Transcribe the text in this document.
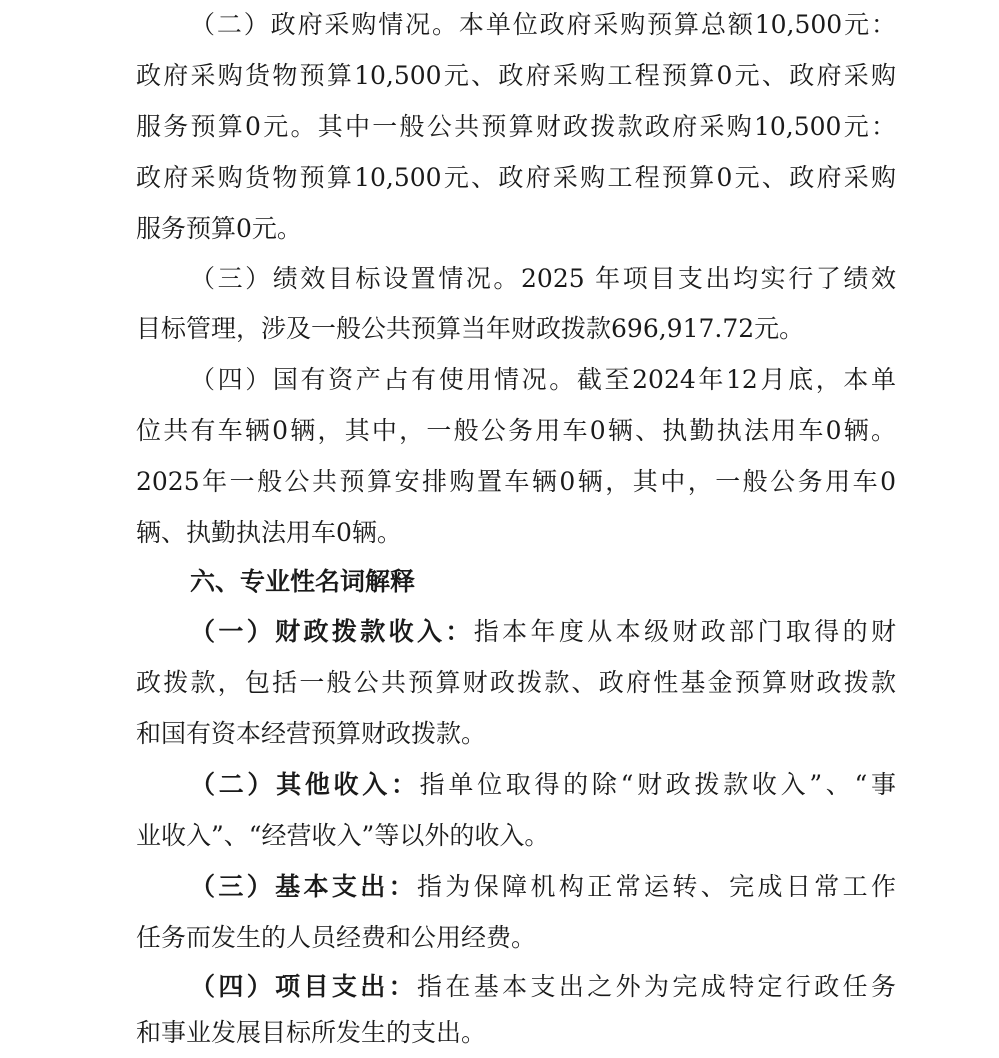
（二）政府采购情况。本单位政府采购预算总额10,500元：
政府采购货物预算10,500元、政府采购工程预算0元、政府采购
服务预算0元。其中一般公共预算财政拨款政府采购10,500元：
政府采购货物预算10,500元、政府采购工程预算0元、政府采购
服务预算0元。
（三）绩效目标设置情况。2025 年项目支出均实行了绩效
目标管理，涉及一般公共预算当年财政拨款696,917.72元。
（四）国有资产占有使用情况。截至2024年12月底，本单
位共有车辆0辆，其中，一般公务用车0辆、执勤执法用车0辆。
2025年一般公共预算安排购置车辆0辆，其中，一般公务用车0
辆、执勤执法用车0辆。
六、专业性名词解释
（一）财政拨款收入：指本年度从本级财政部门取得的财
政拨款，包括一般公共预算财政拨款、政府性基金预算财政拨款
和国有资本经营预算财政拨款。
（二）其他收入：指单位取得的除“财政拨款收入”、“事
业收入”、“经营收入”等以外的收入。
（三）基本支出：指为保障机构正常运转、完成日常工作
任务而发生的人员经费和公用经费。
（四）项目支出：指在基本支出之外为完成特定行政任务
和事业发展目标所发生的支出。
